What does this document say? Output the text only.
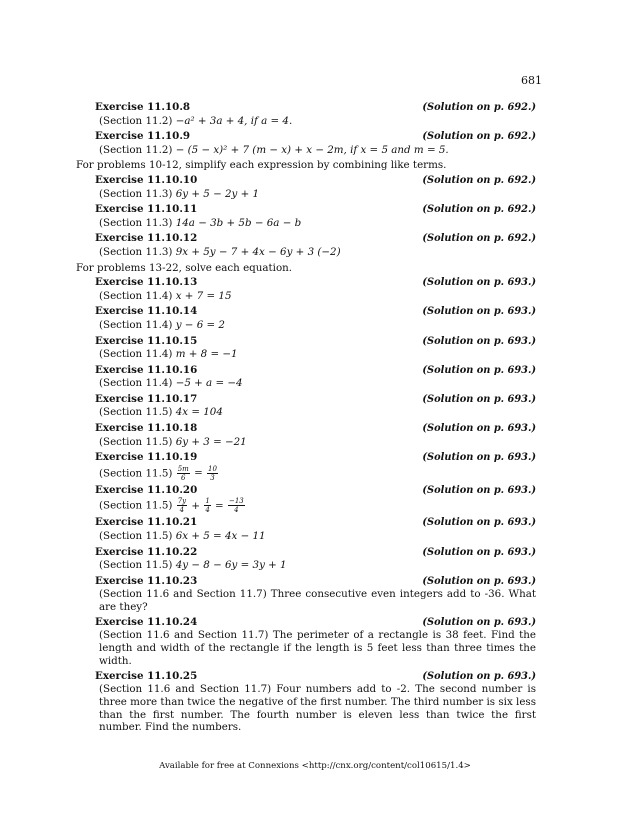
681
Exercise 11.10.8	(Solution on p. 692.)
(Section 11.2) −a² + 3a + 4, if a = 4.
Exercise 11.10.9	(Solution on p. 692.)
(Section 11.2) − (5 − x)² + 7 (m − x) + x − 2m, if x = 5 and m = 5.
For problems 10-12, simplify each expression by combining like terms.
Exercise 11.10.10	(Solution on p. 692.)
(Section 11.3) 6y + 5 − 2y + 1
Exercise 11.10.11	(Solution on p. 692.)
(Section 11.3) 14a − 3b + 5b − 6a − b
Exercise 11.10.12	(Solution on p. 692.)
(Section 11.3) 9x + 5y − 7 + 4x − 6y + 3 (−2)
For problems 13-22, solve each equation.
Exercise 11.10.13	(Solution on p. 693.)
(Section 11.4) x + 7 = 15
Exercise 11.10.14	(Solution on p. 693.)
(Section 11.4) y − 6 = 2
Exercise 11.10.15	(Solution on p. 693.)
(Section 11.4) m + 8 = −1
Exercise 11.10.16	(Solution on p. 693.)
(Section 11.4) −5 + a = −4
Exercise 11.10.17	(Solution on p. 693.)
(Section 11.5) 4x = 104
Exercise 11.10.18	(Solution on p. 693.)
(Section 11.5) 6y + 3 = −21
Exercise 11.10.19	(Solution on p. 693.)
(Section $11.5) \frac{5m}{6} = \frac{10}{3}$
Exercise 11.10.20	(Solution on p. 693.)
(Section $11.5) \frac{7y}{4} + \frac{1}{4} = \frac{-13}{4}$
Exercise 11.10.21	(Solution on p. 693.)
(Section 11.5) 6x + 5 = 4x − 11
Exercise 11.10.22	(Solution on p. 693.)
(Section 11.5) 4y − 8 − 6y = 3y + 1
Exercise 11.10.23	(Solution on p. 693.)
(Section 11.6 and Section 11.7) Three consecutive even integers add to -36. What are they?
Exercise 11.10.24	(Solution on p. 693.)
(Section 11.6 and Section 11.7) The perimeter of a rectangle is 38 feet. Find the length and width of the rectangle if the length is 5 feet less than three times the width.
Exercise 11.10.25	(Solution on p. 693.)
(Section 11.6 and Section 11.7) Four numbers add to -2. The second number is three more than twice the negative of the first number. The third number is six less than the first number. The fourth number is eleven less than twice the first number. Find the numbers.
Available for free at Connexions <http://cnx.org/content/col10615/1.4>
